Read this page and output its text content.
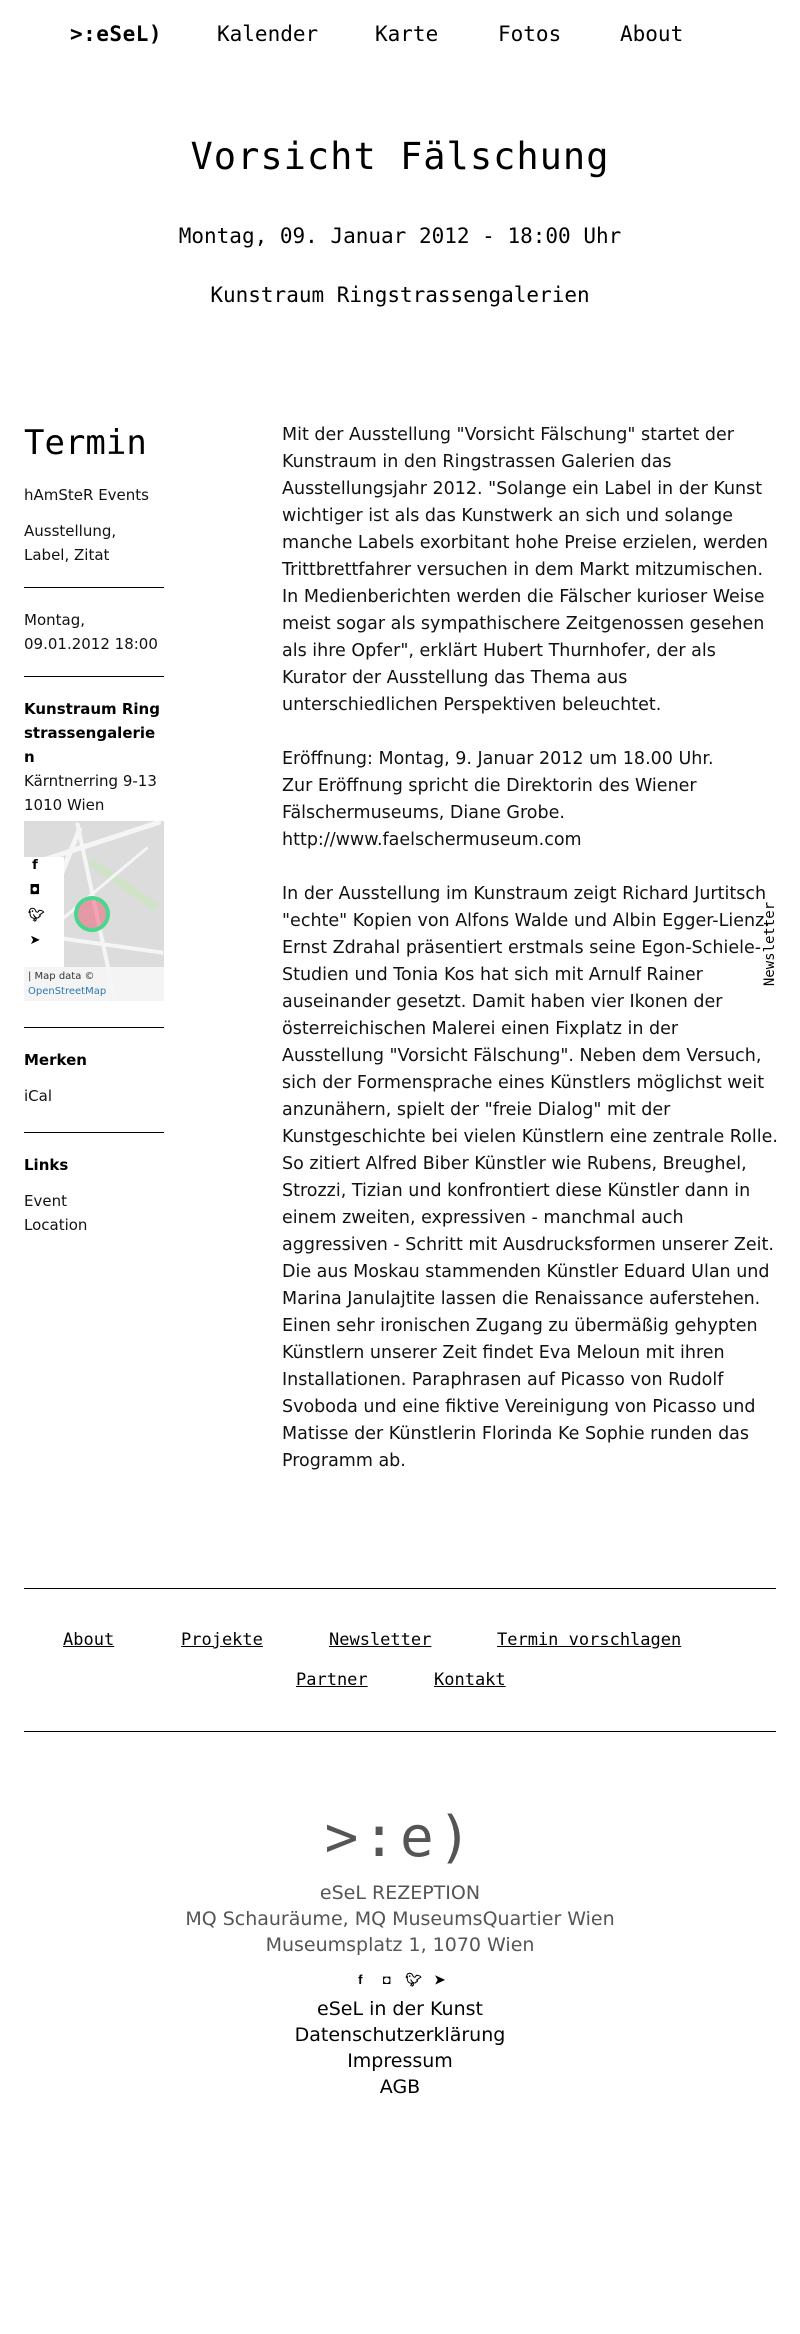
>:eSeL)	Kalender	Karte	Fotos	About
Vorsicht Fälschung
Montag, 09. Januar 2012 - 18:00 Uhr
Kunstraum Ringstrassengalerien
Termin
hAmSteR Events
Ausstellung, Label, Zitat
Montag, 09.01.2012 18:00
Kunstraum Ringstrassengalerien
Kärntnerring 9-13
1010 Wien
f
◘
🐦︎
➤
| Map data ©
OpenStreetMap
Merken
iCal
Links
Event
Location

Mit der Ausstellung "Vorsicht Fälschung" startet der Kunstraum in den Ringstrassen Galerien das Ausstellungsjahr 2012. "Solange ein Label in der Kunst wichtiger ist als das Kunstwerk an sich und solange manche Labels exorbitant hohe Preise erzielen, werden Trittbrettfahrer versuchen in dem Markt mitzumischen. In Medienberichten werden die Fälscher kurioser Weise meist sogar als sympathischere Zeitgenossen gesehen als ihre Opfer", erklärt Hubert Thurnhofer, der als Kurator der Ausstellung das Thema aus unterschiedlichen Perspektiven beleuchtet.

Eröffnung: Montag, 9. Januar 2012 um 18.00 Uhr.
Zur Eröffnung spricht die Direktorin des Wiener Fälschermuseums, Diane Grobe.
http://www.faelschermuseum.com

In der Ausstellung im Kunstraum zeigt Richard Jurtitsch "echte" Kopien von Alfons Walde und Albin Egger-Lienz. Ernst Zdrahal präsentiert erstmals seine Egon-Schiele-Studien und Tonia Kos hat sich mit Arnulf Rainer auseinander gesetzt. Damit haben vier Ikonen der österreichischen Malerei einen Fixplatz in der Ausstellung "Vorsicht Fälschung". Neben dem Versuch, sich der Formensprache eines Künstlers möglichst weit anzunähern, spielt der "freie Dialog" mit der Kunstgeschichte bei vielen Künstlern eine zentrale Rolle. So zitiert Alfred Biber Künstler wie Rubens, Breughel, Strozzi, Tizian und konfrontiert diese Künstler dann in einem zweiten, expressiven - manchmal auch aggressiven - Schritt mit Ausdrucksformen unserer Zeit. Die aus Moskau stammenden Künstler Eduard Ulan und Marina Janulajtite lassen die Renaissance auferstehen. Einen sehr ironischen Zugang zu übermäßig gehypten Künstlern unserer Zeit findet Eva Meloun mit ihren Installationen. Paraphrasen auf Picasso von Rudolf Svoboda und eine fiktive Vereinigung von Picasso und Matisse der Künstlerin Florinda Ke Sophie runden das Programm ab.

Newsletter
About	Projekte	Newsletter	Termin vorschlagen
Partner	Kontakt
>:e)
eSeL REZEPTION
MQ Schauräume, MQ MuseumsQuartier Wien
Museumsplatz 1, 1070 Wien
f ◘ 🐦︎ ➤
eSeL in der Kunst
Datenschutzerklärung
Impressum
AGB
